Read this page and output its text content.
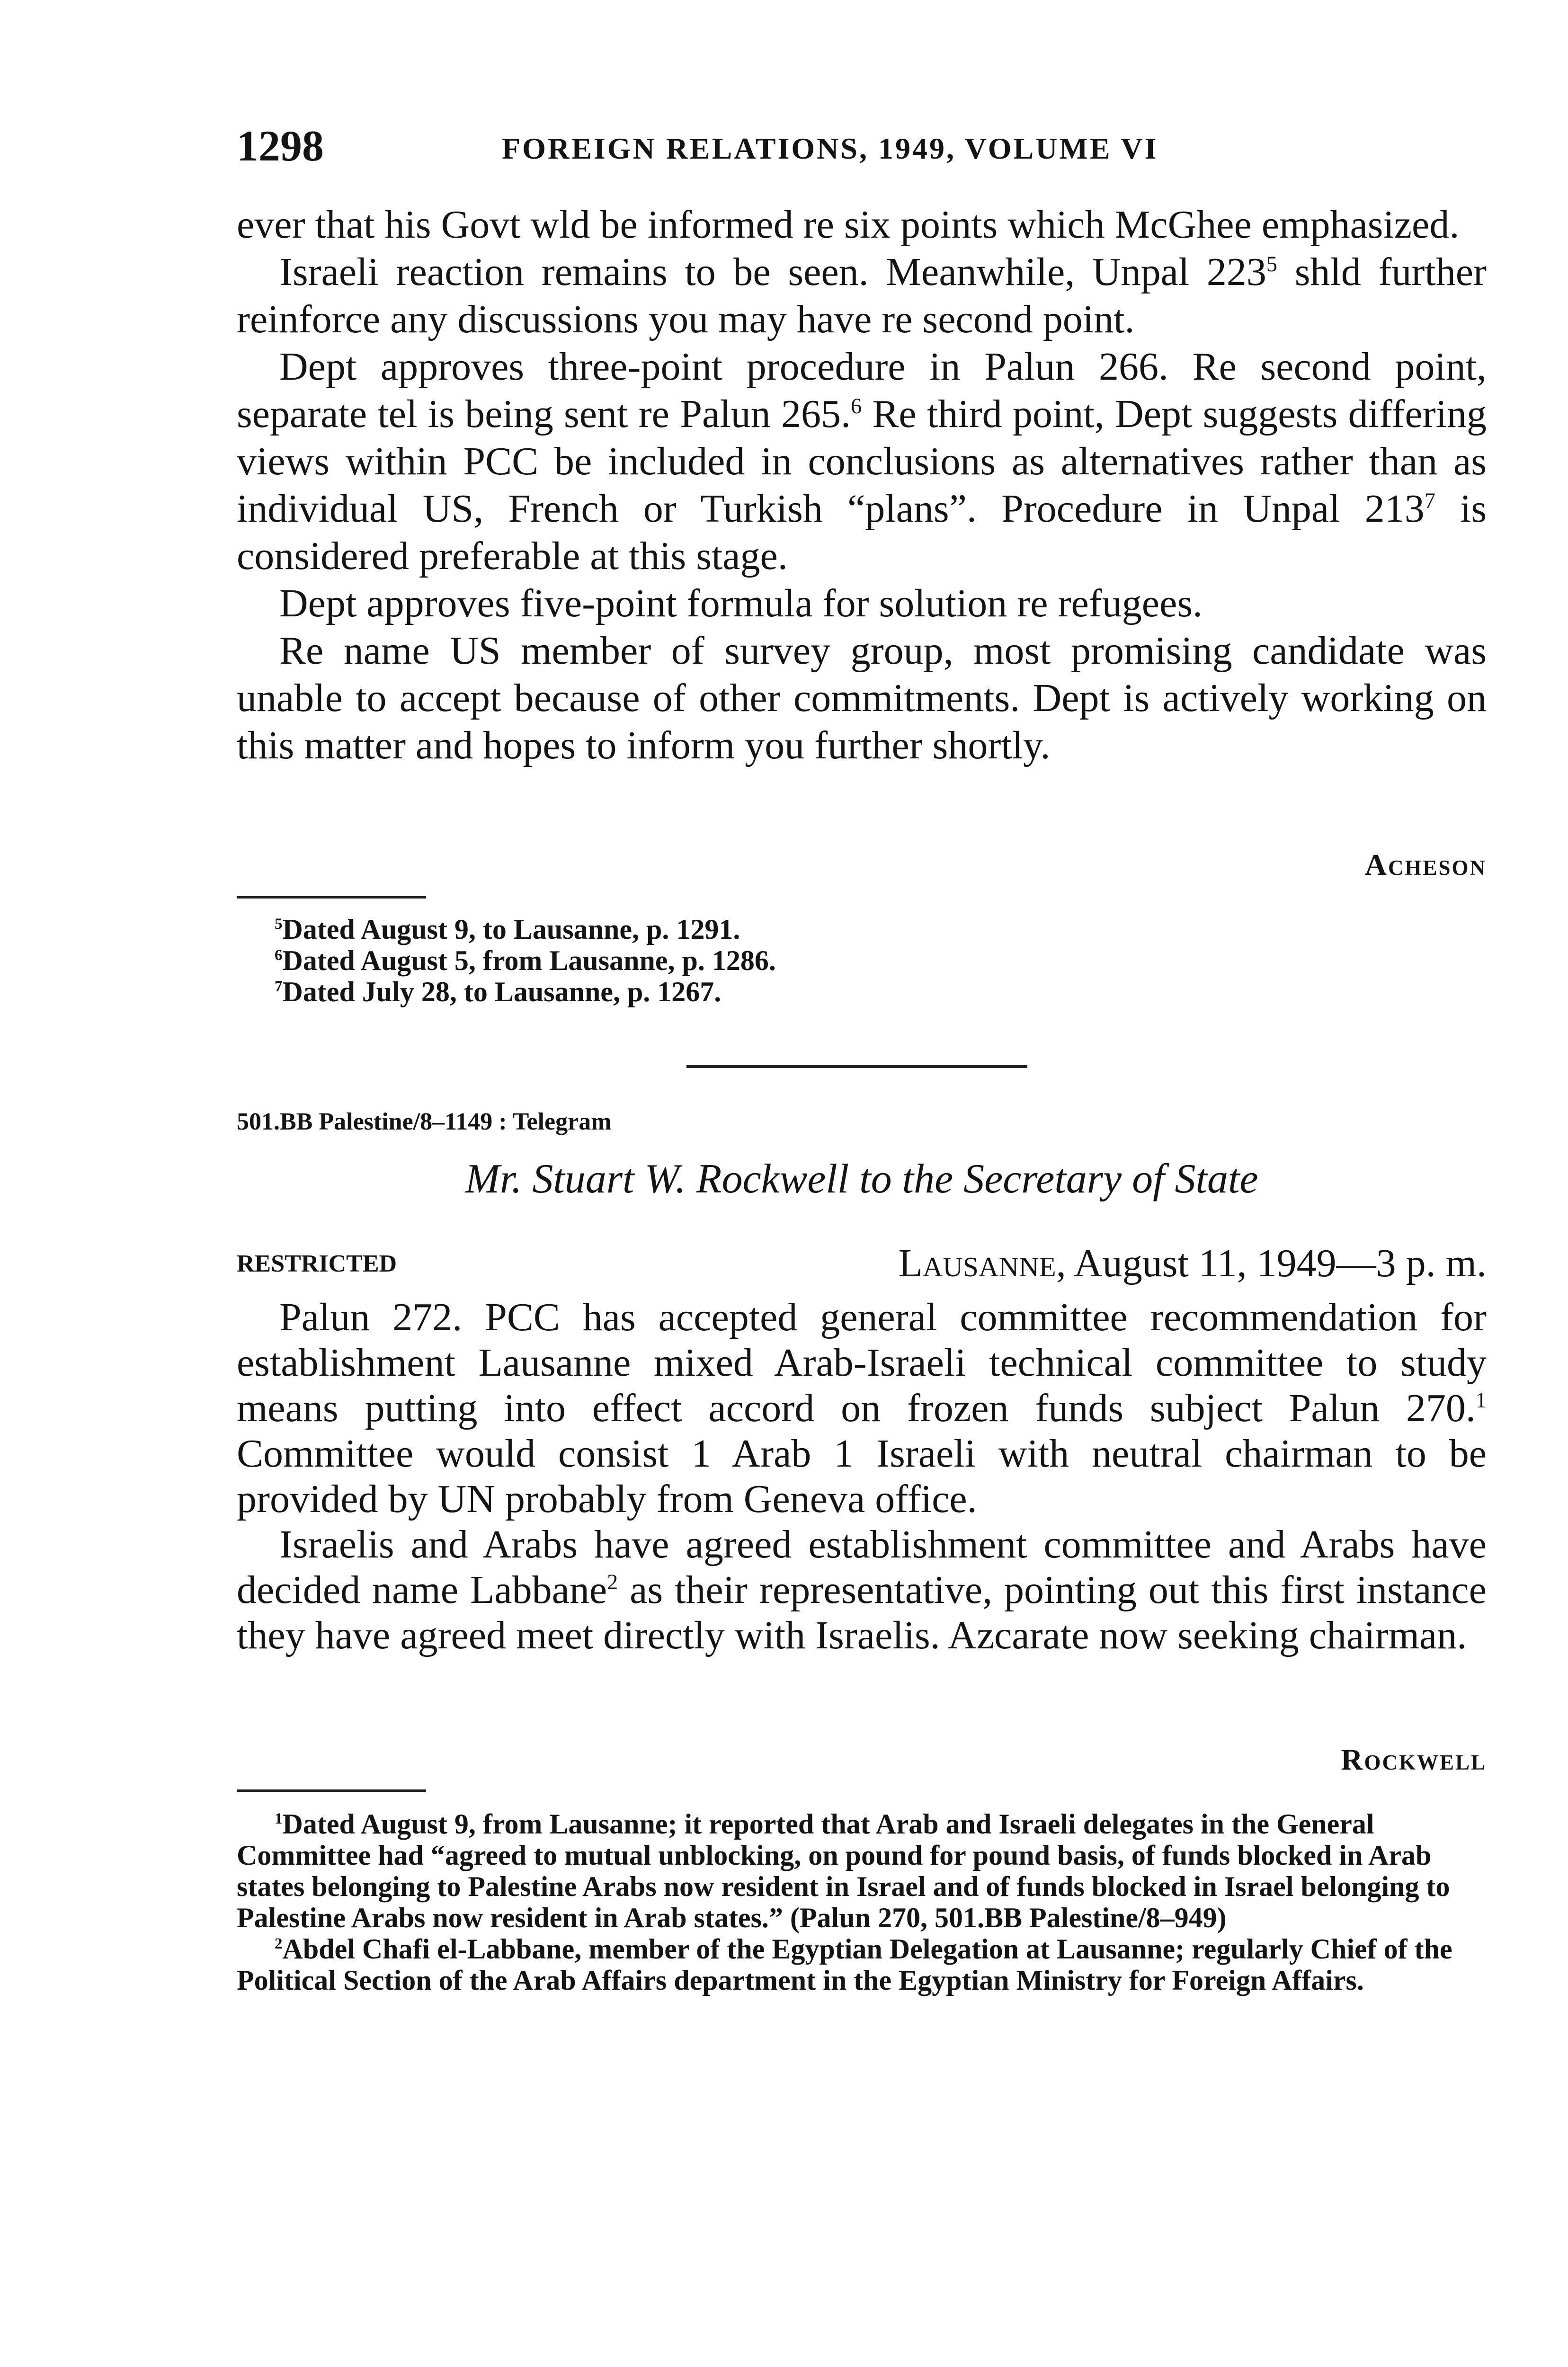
1298	FOREIGN RELATIONS, 1949, VOLUME VI

ever that his Govt wld be informed re six points which McGhee emphasized.

Israeli reaction remains to be seen. Meanwhile, Unpal $223^5$ shld further reinforce any discussions you may have re second point.

Dept approves three-point procedure in Palun 266. Re second point, separate tel is being sent re Palun 265.$^6$ Re third point, Dept suggests differing views within PCC be included in conclusions as alternatives rather than as individual US, French or Turkish “plans”. Procedure in Unpal $213^7$ is considered preferable at this stage.

Dept approves five-point formula for solution re refugees.

Re name US member of survey group, most promising candidate was unable to accept because of other commitments. Dept is actively working on this matter and hopes to inform you further shortly.

Acheson

$^5$Dated August 9, to Lausanne, p. 1291.

$^6$Dated August 5, from Lausanne, p. 1286.

$^7$Dated July 28, to Lausanne, p. 1267.

501.BB Palestine/8–1149 : Telegram
Mr. Stuart W. Rockwell to the Secretary of State
RESTRICTED	Lausanne, August 11, 1949—3 p. m.

Palun 272. PCC has accepted general committee recommendation for establishment Lausanne mixed Arab-Israeli technical committee to study means putting into effect accord on frozen funds subject Palun 270.$^1$ Committee would consist 1 Arab 1 Israeli with neutral chairman to be provided by UN probably from Geneva office.

Israelis and Arabs have agreed establishment committee and Arabs have decided name Labbane$^2$ as their representative, pointing out this first instance they have agreed meet directly with Israelis. Azcarate now seeking chairman.

Rockwell

$^1$Dated August 9, from Lausanne; it reported that Arab and Israeli delegates in the General Committee had “agreed to mutual unblocking, on pound for pound basis, of funds blocked in Arab states belonging to Palestine Arabs now resident in Israel and of funds blocked in Israel belonging to Palestine Arabs now resident in Arab states.” (Palun 270, 501.BB Palestine/8–949)

$^2$Abdel Chafi el-Labbane, member of the Egyptian Delegation at Lausanne; regularly Chief of the Political Section of the Arab Affairs department in the Egyptian Ministry for Foreign Affairs.
